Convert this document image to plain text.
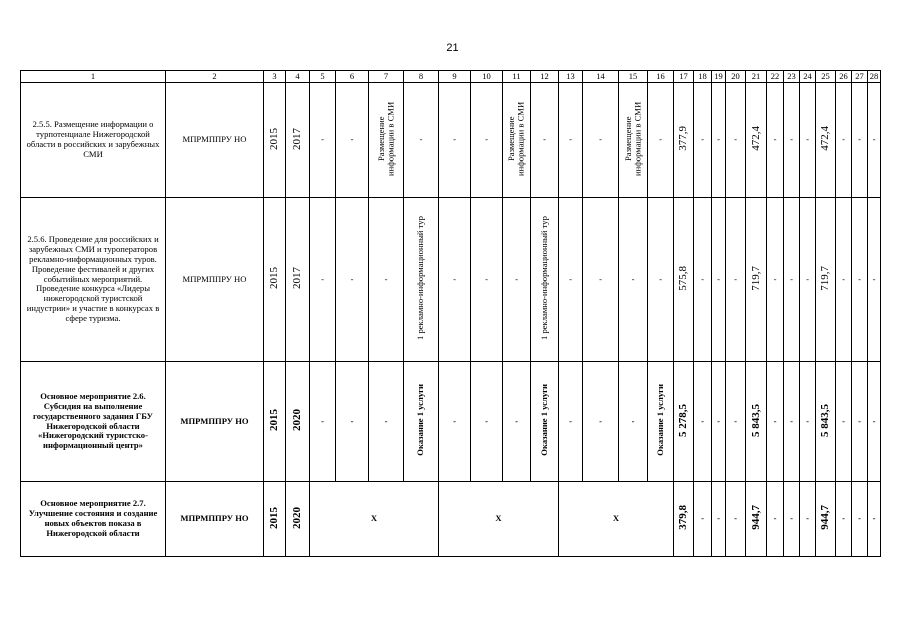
21
1	2	3	4	5	6	7	8	9	10	11	12	13	14	15	16	17	18	19	20	21	22	23	24	25	26	27	28
2.5.5. Размещение информации о турпотенциале Нижегородской области в российских и зарубежных СМИ	МПРМППРУ НО	2015	2017	-	-	Размещение информации в СМИ	-	-	-	Размещение информации в СМИ	-	-	-	Размещение информации в СМИ	-	377,9	-	-	-	472,4	-	-	-	472,4	-	-	-
2.5.6. Проведение для российских и зарубежных СМИ и туроператоров рекламно-информационных туров. Проведение фестивалей и других событийных мероприятий. Проведение конкурса «Лидеры нижегородской туристской индустрии» и участие в конкурсах в сфере туризма.	МПРМППРУ НО	2015	2017	-	-	-	1 рекламно-информационный тур	-	-	-	1 рекламно-информационный тур	-	-	-	-	575,8	-	-	-	719,7	-	-	-	719,7	-	-	-
Основное мероприятие 2.6. Субсидия на выполнение государственного задания ГБУ Нижегородской области «Нижегородский туристско-информационный центр»	МПРМППРУ НО	2015	2020	-	-	-	Оказание 1 услуги	-	-	-	Оказание 1 услуги	-	-	-	Оказание 1 услуги	5 278,5	-	-	-	5 843,5	-	-	-	5 843,5	-	-	-
Основное мероприятие 2.7. Улучшение состояния и создание новых объектов показа в Нижегородской области	МПРМППРУ НО	2015	2020	X				X				X				379,8	-	-	-	944,7	-	-	-	944,7	-	-	-
